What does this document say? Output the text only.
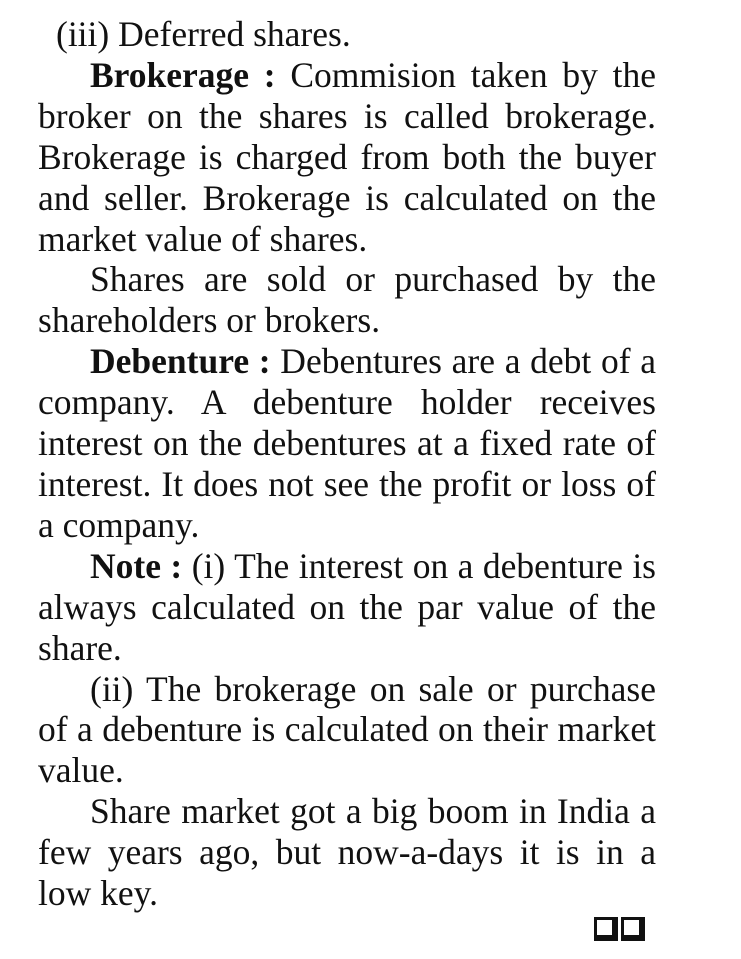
(iii) Deferred shares.

Brokerage : Commision taken by the broker on the shares is called brokerage. Brokerage is charged from both the buyer and seller. Brokerage is calculated on the market value of shares.

Shares are sold or purchased by the shareholders or brokers.

Debenture : Debentures are a debt of a company. A debenture holder receives interest on the debentures at a fixed rate of interest. It does not see the profit or loss of a company.

Note : (i) The interest on a debenture is always calculated on the par value of the share.

(ii) The brokerage on sale or purchase of a debenture is calculated on their market value.

Share market got a big boom in India a few years ago, but now-a-days it is in a low key.
